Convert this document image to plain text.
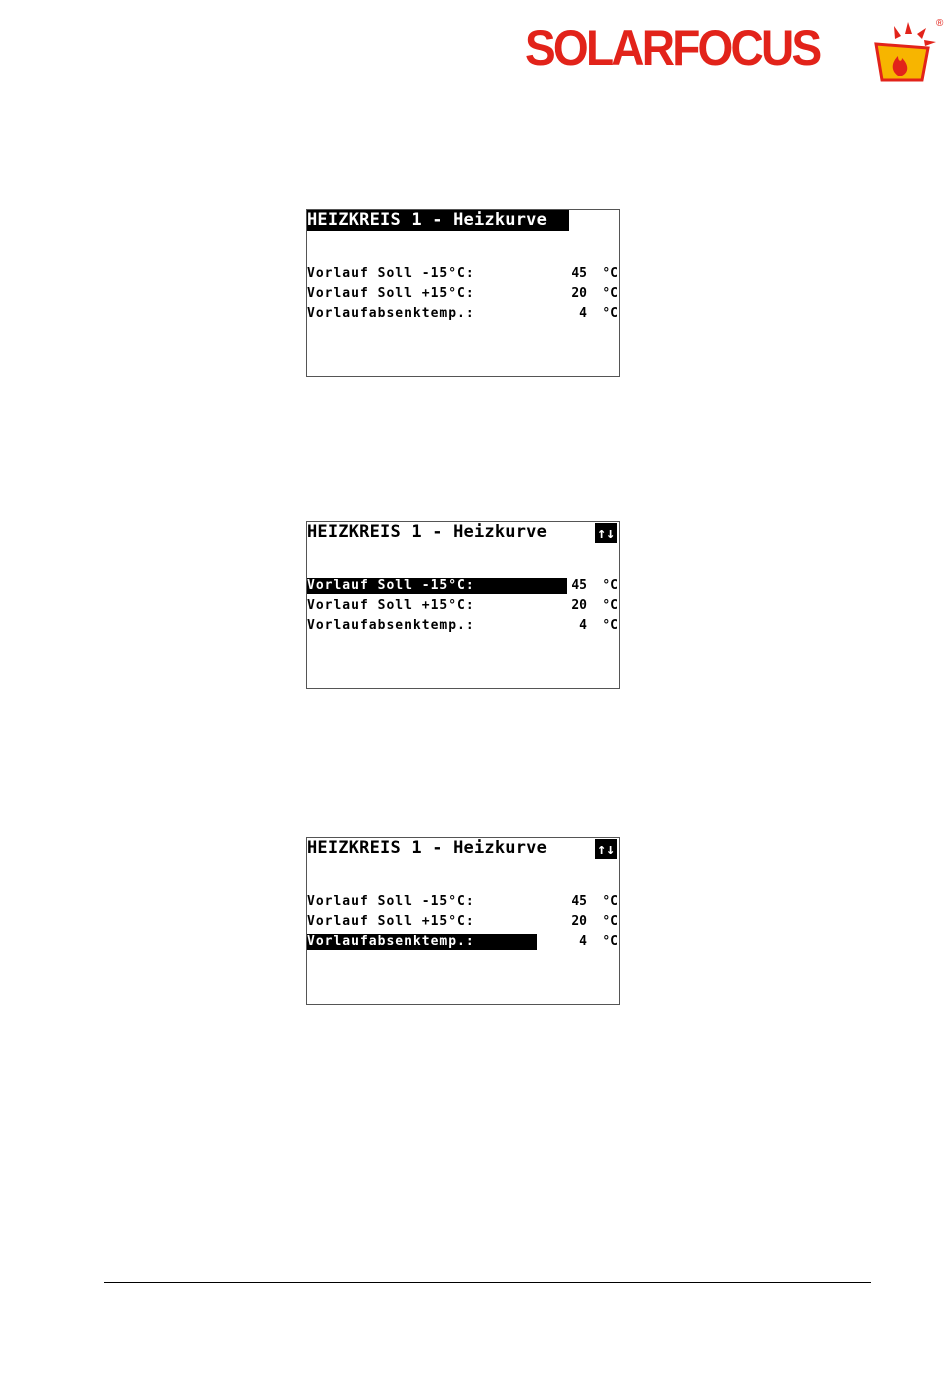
SOLARFOCUS	®
HEIZKREIS 1 - Heizkurve
Vorlauf Soll -15°C:	45 °C
Vorlauf Soll +15°C:	20 °C
Vorlaufabsenktemp.:	4 °C
HEIZKREIS 1 - Heizkurve	↑↓
Vorlauf Soll -15°C:	45 °C
Vorlauf Soll +15°C:	20 °C
Vorlaufabsenktemp.:	4 °C
HEIZKREIS 1 - Heizkurve	↑↓
Vorlauf Soll -15°C:	45 °C
Vorlauf Soll +15°C:	20 °C
Vorlaufabsenktemp.:	4 °C
